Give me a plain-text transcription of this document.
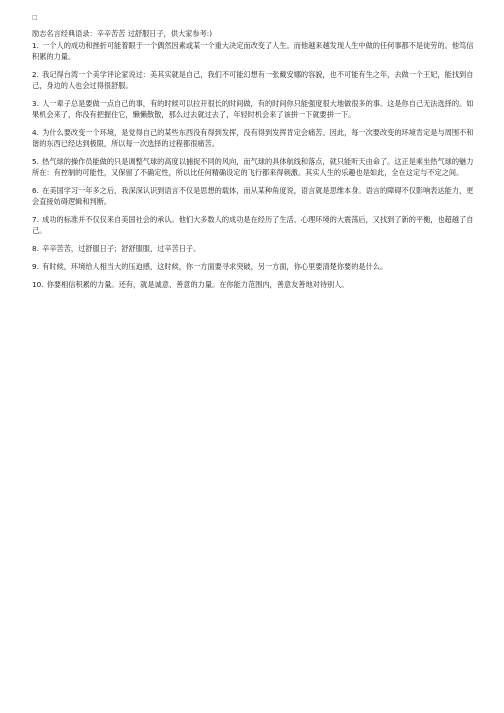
□

励志名言经典语录：辛辛苦苦 过舒服日子，供大家参考:)

1. 一个人的成功和挫折可能着眼于一个偶然因素或某一个重大决定而改变了人生。而他越来越发现人生中做的任何事都不是徒劳的。他笃信积累的力量。

2. 我记得台湾一个美学评论家说过：美其实就是自己，我们不可能幻想有一张戴安娜的容貌，也不可能有生之年，去做一个王妃，能找到自己，身边的人也会过得很舒服。

3. 人一辈子总是要做一点自己的事，有的时候可以拉开很长的时间做，有的时间你只能强度很大地做很多的事。这是你自己无法选择的。如果机会来了，你没有把握住它，懒懒散散，那么过去就过去了，年轻时机会来了该拼一下就要拼一下。

4. 为什么要改变一个环境，是觉得自己的某些东西没有得到发挥，没有得到发挥肯定会痛苦。因此，每一次要改变的环境肯定是与周围不和谐的东西已经达到极限，所以每一次选择的过程都很痛苦。

5. 热气球的操作员能做的只是调整气球的高度以捕捉不同的风向，而气球的具体航线和落点，就只能听天由命了。这正是乘坐热气球的魅力所在：有控制的可能性，又保留了不确定性，所以比任何精确设定的飞行都来得刺激。其实人生的乐趣也是如此，全在这定与不定之间。

6. 在美国学习一年多之后，我深深认识到语言不仅是思想的载体，而从某种角度说，语言就是思维本身。语言的障碍不仅影响表达能力，更会直接妨碍逻辑和判断。

7. 成功的标准并不仅仅来自美国社会的承认。他们大多数人的成功是在经历了生活、心理环境的大震荡后，又找到了新的平衡，也超越了自己。

8. 辛辛苦苦，过舒服日子；舒舒服服，过辛苦日子。

9. 有时候，环境给人相当大的压迫感，这时候，你一方面要寻求突破，另一方面，你心里要清楚你要的是什么。

10. 你要相信积累的力量。还有，就是诚意、善意的力量。在你能力范围内，善意友善地对待别人。
